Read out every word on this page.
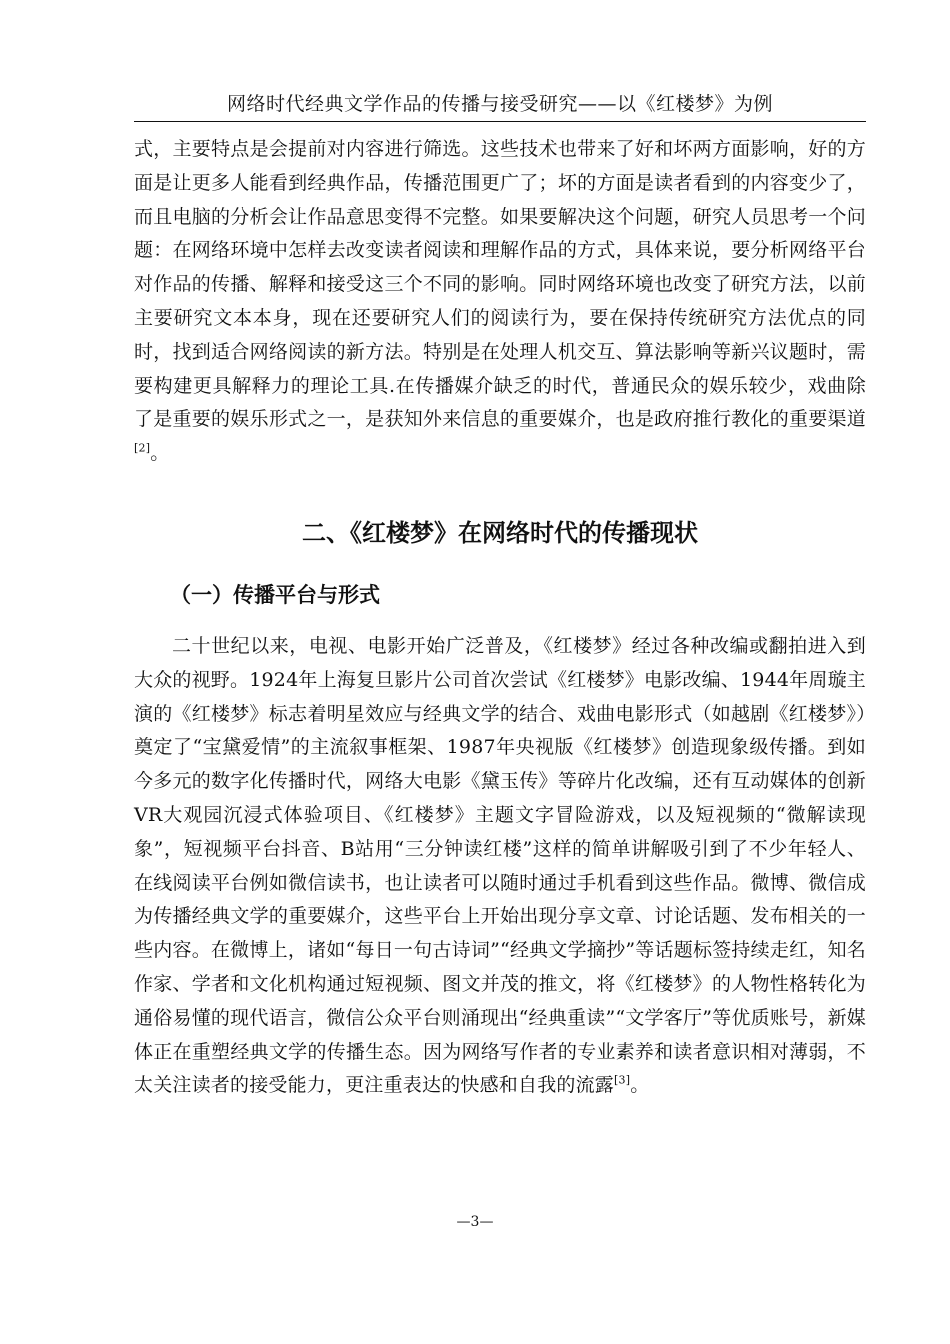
网络时代经典文学作品的传播与接受研究——以《红楼梦》为例

式，主要特点是会提前对内容进行筛选。这些技术也带来了好和坏两方面影响，好的方面是让更多人能看到经典作品，传播范围更广了；坏的方面是读者看到的内容变少了，而且电脑的分析会让作品意思变得不完整。如果要解决这个问题，研究人员思考一个问题：在网络环境中怎样去改变读者阅读和理解作品的方式，具体来说，要分析网络平台对作品的传播、解释和接受这三个不同的影响。同时网络环境也改变了研究方法，以前主要研究文本本身，现在还要研究人们的阅读行为，要在保持传统研究方法优点的同时，找到适合网络阅读的新方法。特别是在处理人机交互、算法影响等新兴议题时，需要构建更具解释力的理论工具.在传播媒介缺乏的时代，普通民众的娱乐较少，戏曲除了是重要的娱乐形式之一，是获知外来信息的重要媒介，也是政府推行教化的重要渠道[2]。

二、《红楼梦》在网络时代的传播现状
（一）传播平台与形式

二十世纪以来，电视、电影开始广泛普及，《红楼梦》经过各种改编或翻拍进入到大众的视野。1924年上海复旦影片公司首次尝试《红楼梦》电影改编、1944年周璇主演的《红楼梦》标志着明星效应与经典文学的结合、戏曲电影形式（如越剧《红楼梦》）奠定了“宝黛爱情”的主流叙事框架、1987年央视版《红楼梦》创造现象级传播。到如今多元的数字化传播时代，网络大电影《黛玉传》等碎片化改编，还有互动媒体的创新VR大观园沉浸式体验项目、《红楼梦》主题文字冒险游戏，以及短视频的“微解读现象”，短视频平台抖音、B站用“三分钟读红楼”这样的简单讲解吸引到了不少年轻人、在线阅读平台例如微信读书，也让读者可以随时通过手机看到这些作品。微博、微信成为传播经典文学的重要媒介，这些平台上开始出现分享文章、讨论话题、发布相关的一些内容。在微博上，诸如“每日一句古诗词”“经典文学摘抄”等话题标签持续走红，知名作家、学者和文化机构通过短视频、图文并茂的推文，将《红楼梦》的人物性格转化为通俗易懂的现代语言，微信公众平台则涌现出“经典重读”“文学客厅”等优质账号，新媒体正在重塑经典文学的传播生态。因为网络写作者的专业素养和读者意识相对薄弱，不太关注读者的接受能力，更注重表达的快感和自我的流露[3]。

—3—
